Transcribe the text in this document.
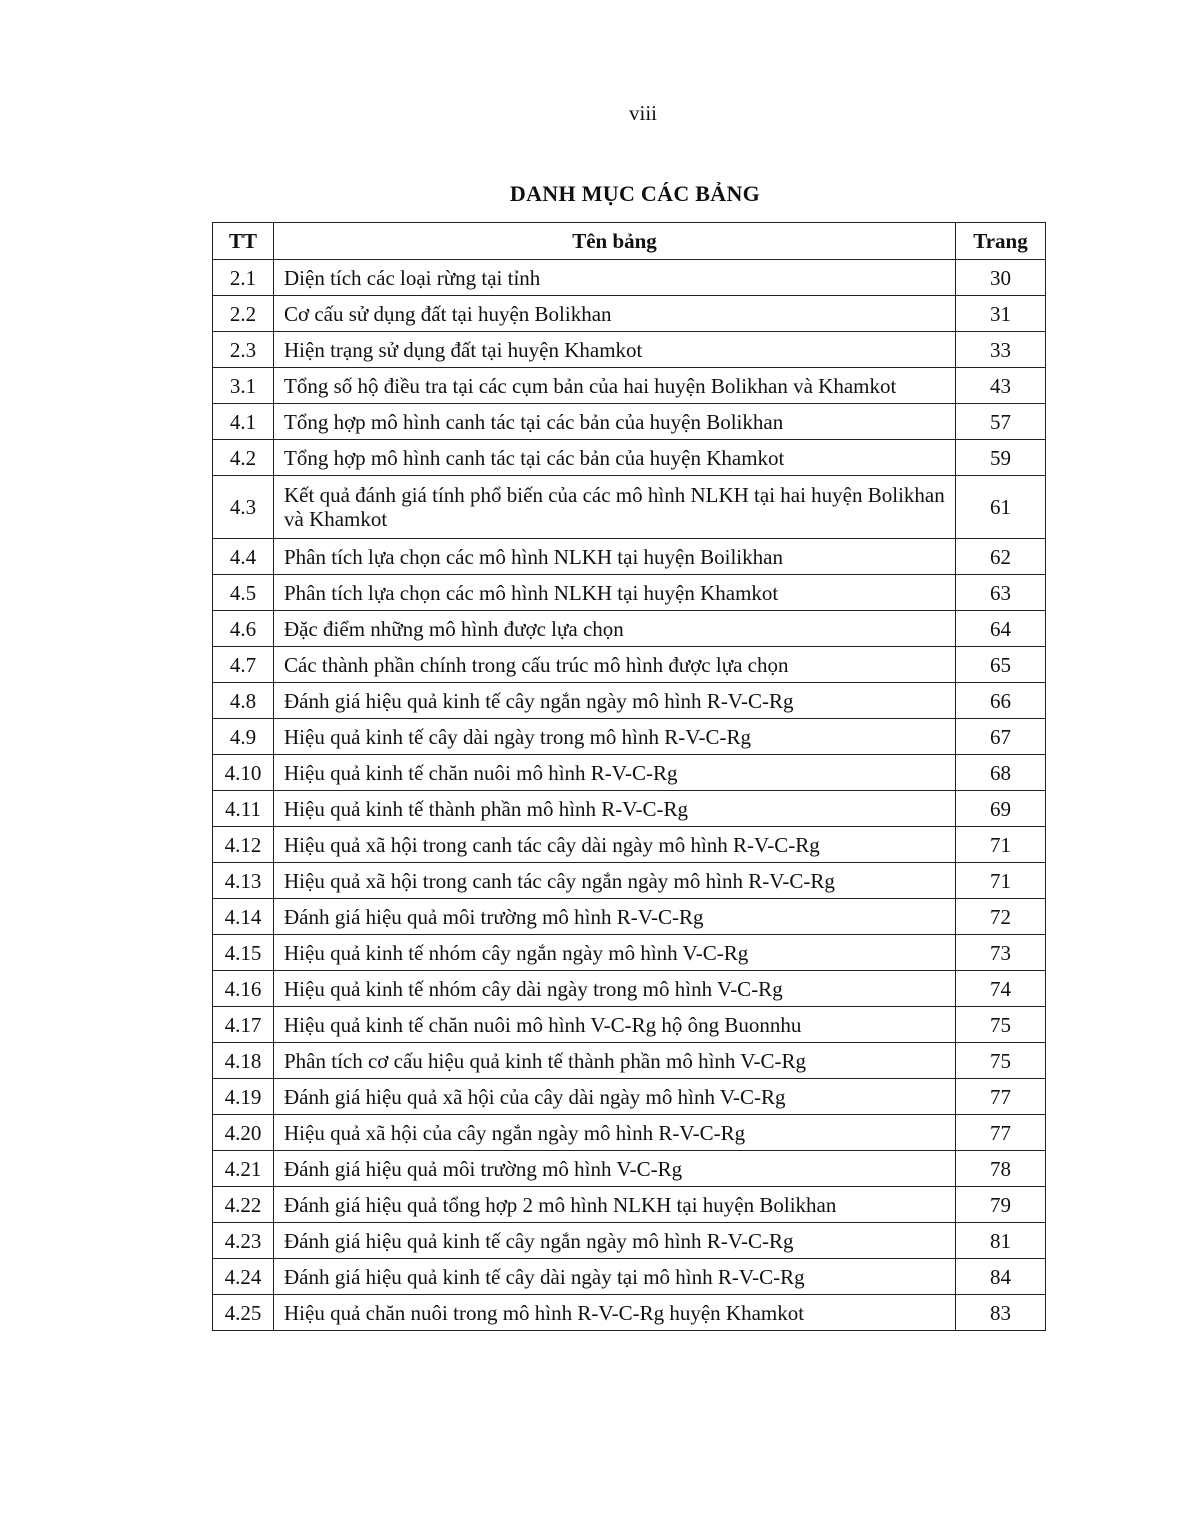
viii
DANH MỤC CÁC BẢNG
TT	Tên bảng	Trang
2.1	Diện tích các loại rừng tại tỉnh	30
2.2	Cơ cấu sử dụng đất tại huyện Bolikhan	31
2.3	Hiện trạng sử dụng đất tại huyện Khamkot	33
3.1	Tổng số hộ điều tra tại các cụm bản của hai huyện Bolikhan và Khamkot	43
4.1	Tổng hợp mô hình canh tác tại các bản của huyện Bolikhan	57
4.2	Tổng hợp mô hình canh tác tại các bản của huyện Khamkot	59
4.3	Kết quả đánh giá tính phổ biến của các mô hình NLKH tại hai huyện Bolikhan và Khamkot	61
4.4	Phân tích lựa chọn các mô hình NLKH tại huyện Boilikhan	62
4.5	Phân tích lựa chọn các mô hình NLKH tại huyện Khamkot	63
4.6	Đặc điểm những mô hình được lựa chọn	64
4.7	Các thành phần chính trong cấu trúc mô hình được lựa chọn	65
4.8	Đánh giá hiệu quả kinh tế cây ngắn ngày mô hình R-V-C-Rg	66
4.9	Hiệu quả kinh tế cây dài ngày trong mô hình R-V-C-Rg	67
4.10	Hiệu quả kinh tế chăn nuôi mô hình R-V-C-Rg	68
4.11	Hiệu quả kinh tế thành phần mô hình R-V-C-Rg	69
4.12	Hiệu quả xã hội trong canh tác cây dài ngày mô hình R-V-C-Rg	71
4.13	Hiệu quả xã hội trong canh tác cây ngắn ngày mô hình R-V-C-Rg	71
4.14	Đánh giá hiệu quả môi trường mô hình R-V-C-Rg	72
4.15	Hiệu quả kinh tế nhóm cây ngắn ngày mô hình V-C-Rg	73
4.16	Hiệu quả kinh tế nhóm cây dài ngày trong mô hình V-C-Rg	74
4.17	Hiệu quả kinh tế chăn nuôi mô hình V-C-Rg hộ ông Buonnhu	75
4.18	Phân tích cơ cấu hiệu quả kinh tế thành phần mô hình V-C-Rg	75
4.19	Đánh giá hiệu quả xã hội của cây dài ngày mô hình V-C-Rg	77
4.20	Hiệu quả xã hội của cây ngắn ngày mô hình R-V-C-Rg	77
4.21	Đánh giá hiệu quả môi trường mô hình V-C-Rg	78
4.22	Đánh giá hiệu quả tổng hợp 2 mô hình NLKH tại huyện Bolikhan	79
4.23	Đánh giá hiệu quả kinh tế cây ngắn ngày mô hình R-V-C-Rg	81
4.24	Đánh giá hiệu quả kinh tế cây dài ngày tại mô hình R-V-C-Rg	84
4.25	Hiệu quả chăn nuôi trong mô hình R-V-C-Rg huyện Khamkot	83
